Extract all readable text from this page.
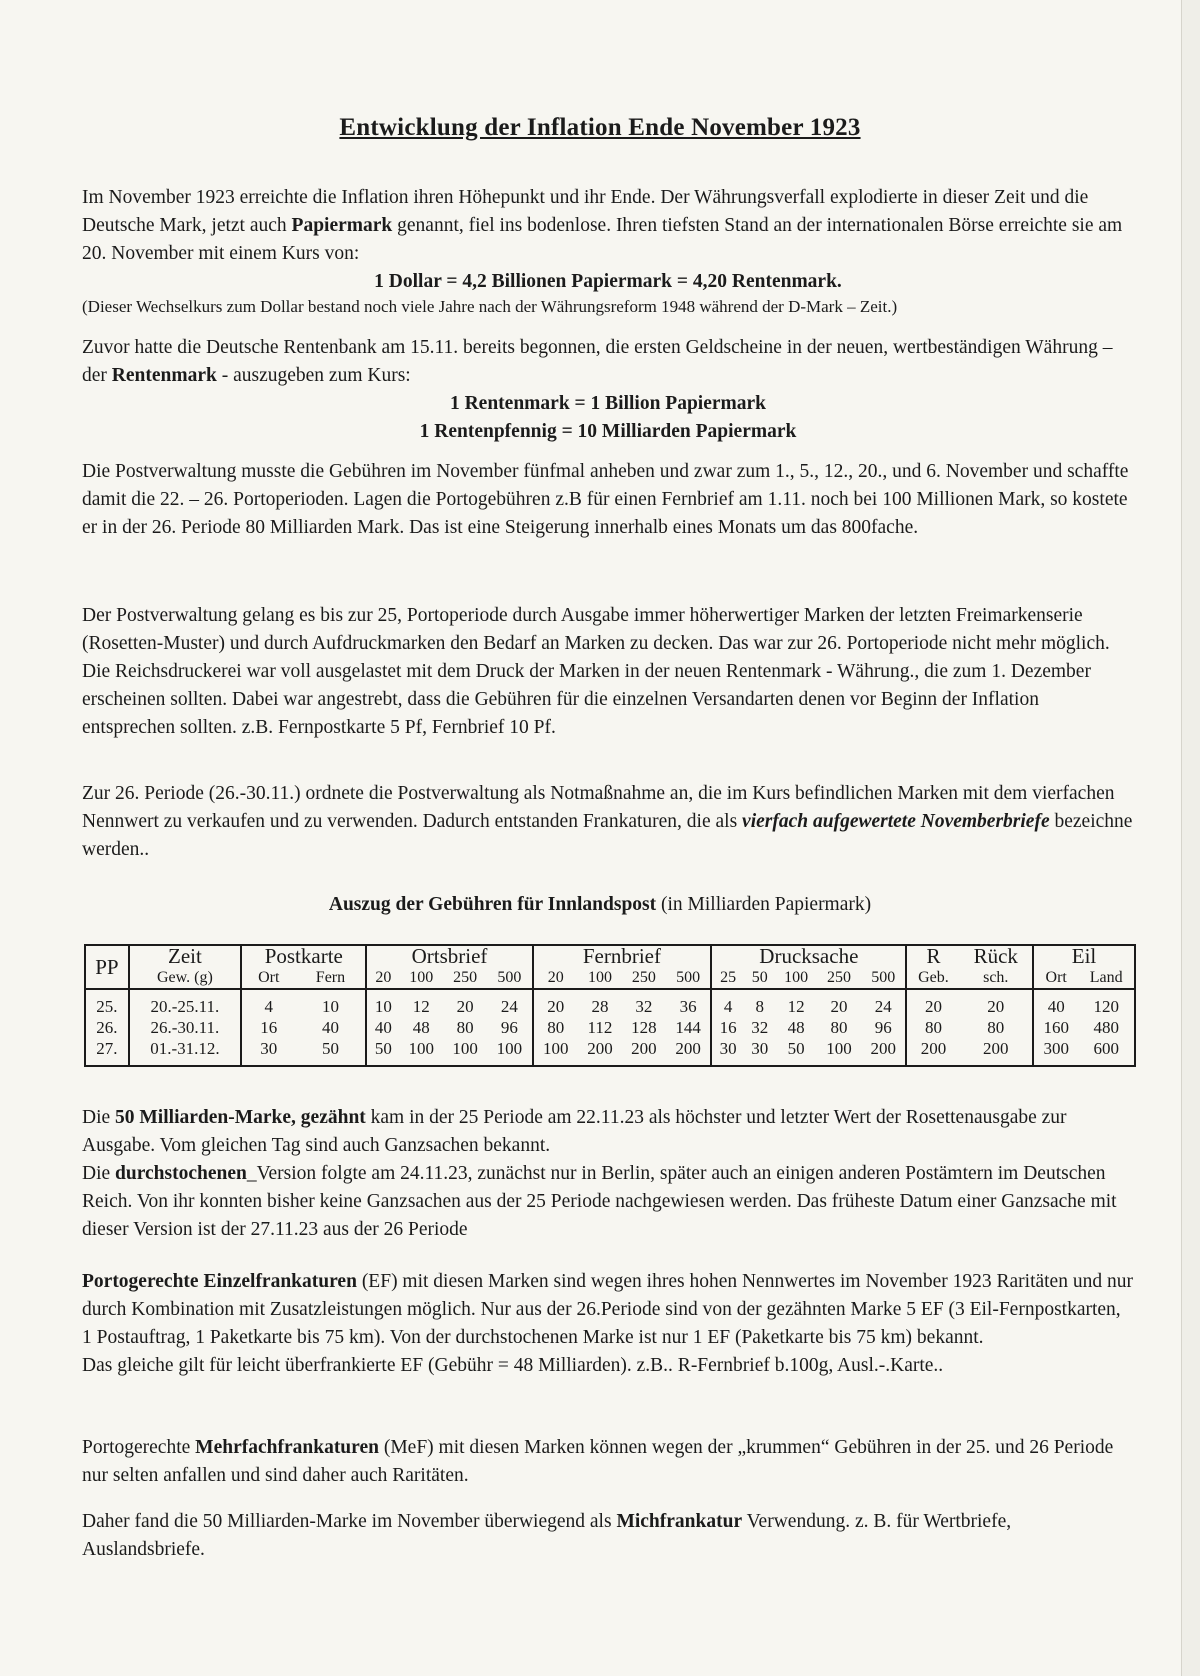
Entwicklung der Inflation Ende November 1923

Im November 1923 erreichte die Inflation ihren Höhepunkt und ihr Ende. Der Währungsverfall explodierte in dieser Zeit und die Deutsche Mark, jetzt auch Papiermark genannt, fiel ins bodenlose. Ihren tiefsten Stand an der internationalen Börse erreichte sie am 20. November mit einem Kurs von:

1 Dollar = 4,2 Billionen Papiermark = 4,20 Rentenmark.

(Dieser Wechselkurs zum Dollar bestand noch viele Jahre nach der Währungsreform 1948 während der D-Mark – Zeit.)

Zuvor hatte die Deutsche Rentenbank am 15.11. bereits begonnen, die ersten Geldscheine in der neuen, wertbeständigen Währung – der Rentenmark - auszugeben zum Kurs:

1 Rentenmark = 1 Billion Papiermark

1 Rentenpfennig = 10 Milliarden Papiermark

Die Postverwaltung musste die Gebühren im November fünfmal anheben und zwar zum 1., 5., 12., 20., und 6. November und schaffte damit die 22. – 26. Portoperioden. Lagen die Portogebühren z.B für einen Fernbrief am 1.11. noch bei 100 Millionen Mark, so kostete er in der 26. Periode 80 Milliarden Mark. Das ist eine Steigerung innerhalb eines Monats um das 800fache.

Der Postverwaltung gelang es bis zur 25, Portoperiode durch Ausgabe immer höherwertiger Marken der letzten Freimarkenserie (Rosetten-Muster) und durch Aufdruckmarken den Bedarf an Marken zu decken. Das war zur 26. Portoperiode nicht mehr möglich. Die Reichsdruckerei war voll ausgelastet mit dem Druck der Marken in der neuen Rentenmark - Währung., die zum 1. Dezember erscheinen sollten. Dabei war angestrebt, dass die Gebühren für die einzelnen Versandarten denen vor Beginn der Inflation entsprechen sollten. z.B. Fernpostkarte 5 Pf, Fernbrief 10 Pf.

Zur 26. Periode (26.-30.11.) ordnete die Postverwaltung als Notmaßnahme an, die im Kurs befindlichen Marken mit dem vierfachen Nennwert zu verkaufen und zu verwenden. Dadurch entstanden Frankaturen, die als vierfach aufgewertete Novemberbriefe bezeichne werden..

Auszug der Gebühren für Innlandspost (in Milliarden Papiermark)
PP	Zeit	Postkarte		Ortsbrief				Fernbrief				Drucksache					R	Rück	Eil	
	Gew. (g)	Ort	Fern	20	100	250	500	20	100	250	500	25	50	100	250	500	Geb.	sch.	Ort	Land
25.	20.-25.11.	4	10	10	12	20	24	20	28	32	36	4	8	12	20	24	20	20	40	120
26.	26.-30.11.	16	40	40	48	80	96	80	112	128	144	16	32	48	80	96	80	80	160	480
27.	01.-31.12.	30	50	50	100	100	100	100	200	200	200	30	30	50	100	200	200	200	300	600

Die 50 Milliarden-Marke, gezähnt kam in der 25 Periode am 22.11.23 als höchster und letzter Wert der Rosettenausgabe zur Ausgabe. Vom gleichen Tag sind auch Ganzsachen bekannt.

Die durchstochenen_Version folgte am 24.11.23, zunächst nur in Berlin, später auch an einigen anderen Postämtern im Deutschen Reich. Von ihr konnten bisher keine Ganzsachen aus der 25 Periode nachgewiesen werden. Das früheste Datum einer Ganzsache mit dieser Version ist der 27.11.23 aus der 26 Periode

Portogerechte Einzelfrankaturen (EF) mit diesen Marken sind wegen ihres hohen Nennwertes im November 1923 Raritäten und nur durch Kombination mit Zusatzleistungen möglich. Nur aus der 26.Periode sind von der gezähnten Marke 5 EF (3 Eil-Fernpostkarten, 1 Postauftrag, 1 Paketkarte bis 75 km). Von der durchstochenen Marke ist nur 1 EF (Paketkarte bis 75 km) bekannt.

Das gleiche gilt für leicht überfrankierte EF (Gebühr = 48 Milliarden). z.B.. R-Fernbrief b.100g, Ausl.-.Karte..

Portogerechte Mehrfachfrankaturen (MeF) mit diesen Marken können wegen der „krummen“ Gebühren in der 25. und 26 Periode nur selten anfallen und sind daher auch Raritäten.

Daher fand die 50 Milliarden-Marke im November überwiegend als Michfrankatur Verwendung. z. B. für Wertbriefe, Auslandsbriefe.
